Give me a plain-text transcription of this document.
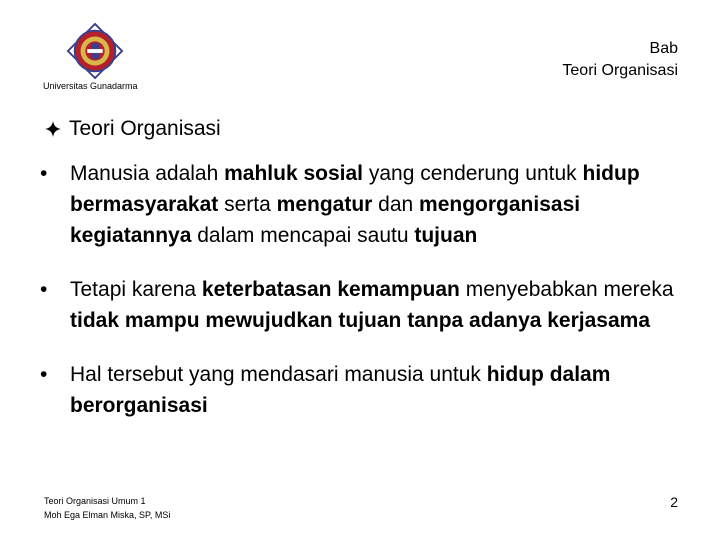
Universitas Gunadarma
Bab
Teori Organisasi
Teori Organisasi
• Manusia adalah mahluk sosial yang cenderung untuk hidup bermasyarakat serta mengatur dan mengorganisasi kegiatannya dalam mencapai sautu tujuan
• Tetapi karena keterbatasan kemampuan menyebabkan mereka tidak mampu mewujudkan tujuan tanpa adanya kerjasama
• Hal tersebut yang mendasari manusia untuk hidup dalam berorganisasi
Teori Organisasi Umum 1
Moh Ega Elman Miska, SP, MSi
2
